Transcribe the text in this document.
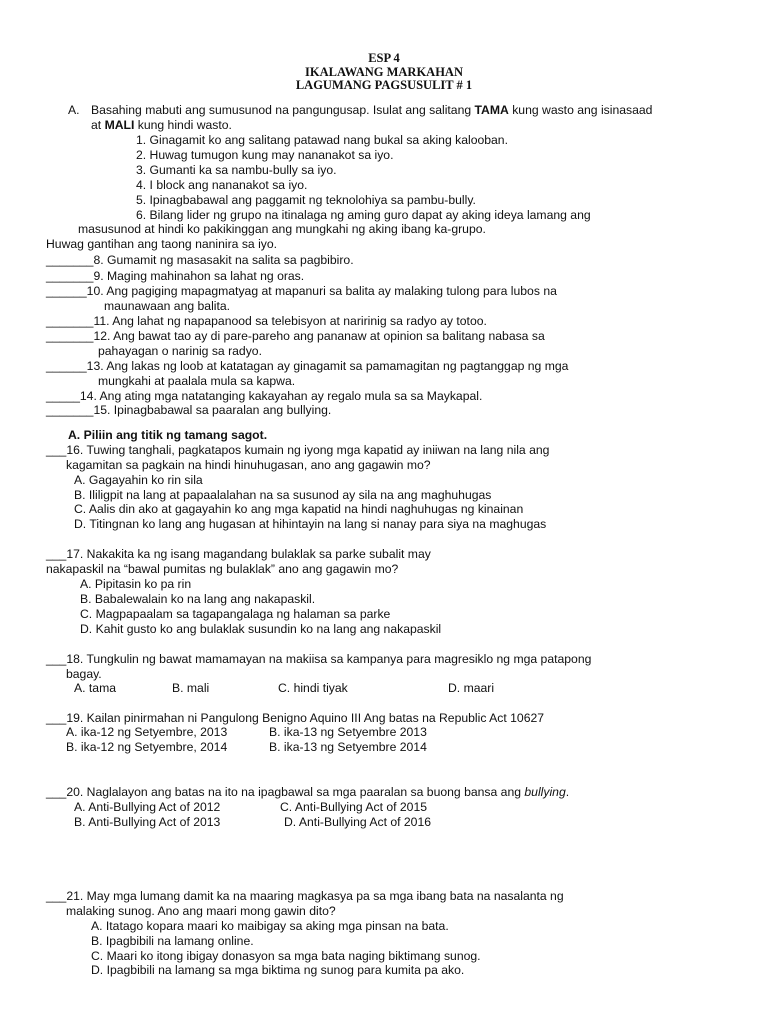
ESP 4
IKALAWANG MARKAHAN
LAGUMANG PAGSUSULIT # 1
A. Basahing mabuti ang sumusunod na pangungusap. Isulat ang salitang TAMA kung wasto ang isinasaad
at MALI kung hindi wasto.
1. Ginagamit ko ang salitang patawad nang bukal sa aking kalooban.
2. Huwag tumugon kung may nananakot sa iyo.
3. Gumanti ka sa nambu-bully sa iyo.
4. I block ang nananakot sa iyo.
5. Ipinagbabawal ang paggamit ng teknolohiya sa pambu-bully.
6. Bilang lider ng grupo na itinalaga ng aming guro dapat ay aking ideya lamang ang
masusunod at hindi ko pakikinggan ang mungkahi ng aking ibang ka-grupo.
Huwag gantihan ang taong naninira sa iyo.
_______8. Gumamit ng masasakit na salita sa pagbibiro.
_______9. Maging mahinahon sa lahat ng oras.
______10. Ang pagiging mapagmatyag at mapanuri sa balita ay malaking tulong para lubos na
maunawaan ang balita.
_______11. Ang lahat ng napapanood sa telebisyon at naririnig sa radyo ay totoo.
_______12. Ang bawat tao ay di pare-pareho ang pananaw at opinion sa balitang nabasa sa
pahayagan o narinig sa radyo.
______13. Ang lakas ng loob at katatagan ay ginagamit sa pamamagitan ng pagtanggap ng mga
mungkahi at paalala mula sa kapwa.
_____14. Ang ating mga natatanging kakayahan ay regalo mula sa sa Maykapal.
_______15. Ipinagbabawal sa paaralan ang bullying.
A. Piliin ang titik ng tamang sagot.
___16. Tuwing tanghali, pagkatapos kumain ng iyong mga kapatid ay iniiwan na lang nila ang
kagamitan sa pagkain na hindi hinuhugasan, ano ang gagawin mo?
A. Gagayahin ko rin sila
B. Ililigpit na lang at papaalalahan na sa susunod ay sila na ang maghuhugas
C. Aalis din ako at gagayahin ko ang mga kapatid na hindi naghuhugas ng kinainan
D. Titingnan ko lang ang hugasan at hihintayin na lang si nanay para siya na maghugas
___17. Nakakita ka ng isang magandang bulaklak sa parke subalit may
nakapaskil na “bawal pumitas ng bulaklak” ano ang gagawin mo?
A. Pipitasin ko pa rin
B. Babalewalain ko na lang ang nakapaskil.
C. Magpapaalam sa tagapangalaga ng halaman sa parke
D. Kahit gusto ko ang bulaklak susundin ko na lang ang nakapaskil
___18. Tungkulin ng bawat mamamayan na makiisa sa kampanya para magresiklo ng mga patapong
bagay.
A. tama	B. mali	C. hindi tiyak	D. maari
___19. Kailan pinirmahan ni Pangulong Benigno Aquino III Ang batas na Republic Act 10627
A. ika-12 ng Setyembre, 2013	B. ika-13 ng Setyembre 2013
B. ika-12 ng Setyembre, 2014	B. ika-13 ng Setyembre 2014
___20. Naglalayon ang batas na ito na ipagbawal sa mga paaralan sa buong bansa ang bullying.
A. Anti-Bullying Act of 2012	C. Anti-Bullying Act of 2015
B. Anti-Bullying Act of 2013	D. Anti-Bullying Act of 2016
___21. May mga lumang damit ka na maaring magkasya pa sa mga ibang bata na nasalanta ng
malaking sunog. Ano ang maari mong gawin dito?
A. Itatago kopara maari ko maibigay sa aking mga pinsan na bata.
B. Ipagbibili na lamang online.
C. Maari ko itong ibigay donasyon sa mga bata naging biktimang sunog.
D. Ipagbibili na lamang sa mga biktima ng sunog para kumita pa ako.
